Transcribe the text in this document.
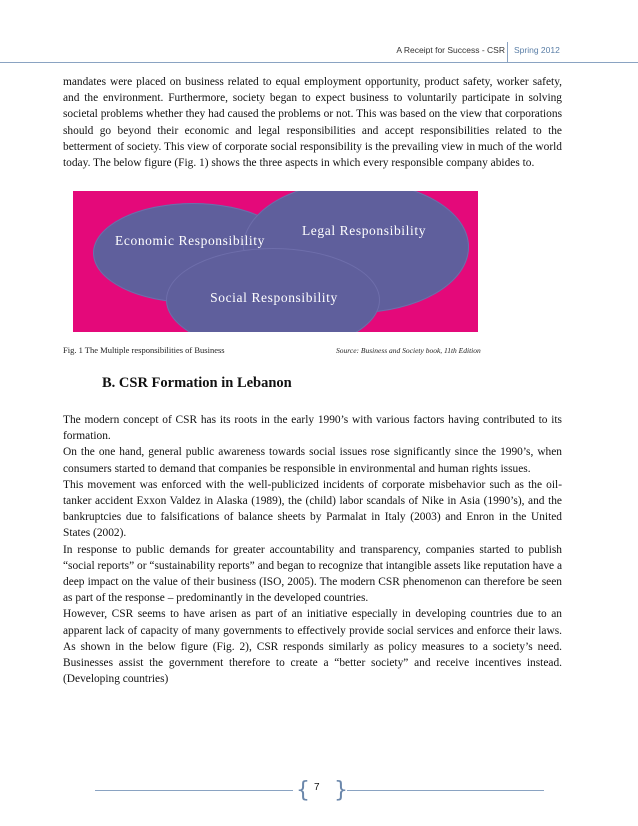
A Receipt for Success - CSR Spring 2012

mandates were placed on business related to equal employment opportunity, product safety, worker safety, and the environment. Furthermore, society began to expect business to voluntarily participate in solving societal problems whether they had caused the problems or not. This was based on the view that corporations should go beyond their economic and legal responsibilities and accept responsibilities related to the betterment of society. This view of corporate social responsibility is the prevailing view in much of the world today. The below figure (Fig. 1) shows the three aspects in which every responsible company abides to.

Economic Responsibility
Legal Responsibility
Social Responsibility
Fig. 1 The Multiple responsibilities of Business	Source: Business and Society book, 11th Edition
B. CSR Formation in Lebanon

The modern concept of CSR has its roots in the early 1990’s with various factors having contributed to its formation.

On the one hand, general public awareness towards social issues rose significantly since the 1990’s, when consumers started to demand that companies be responsible in environmental and human rights issues.

This movement was enforced with the well-publicized incidents of corporate misbehavior such as the oil-tanker accident Exxon Valdez in Alaska (1989), the (child) labor scandals of Nike in Asia (1990’s), and the bankruptcies due to falsifications of balance sheets by Parmalat in Italy (2003) and Enron in the United States (2002).

In response to public demands for greater accountability and transparency, companies started to publish “social reports” or “sustainability reports” and began to recognize that intangible assets like reputation have a deep impact on the value of their business (ISO, 2005). The modern CSR phenomenon can therefore be seen as part of the response – predominantly in the developed countries.

However, CSR seems to have arisen as part of an initiative especially in developing countries due to an apparent lack of capacity of many governments to effectively provide social services and enforce their laws. As shown in the below figure (Fig. 2), CSR responds similarly as policy measures to a society’s need. Businesses assist the government therefore to create a “better society” and receive incentives instead. (Developing countries)

{ 7 }
